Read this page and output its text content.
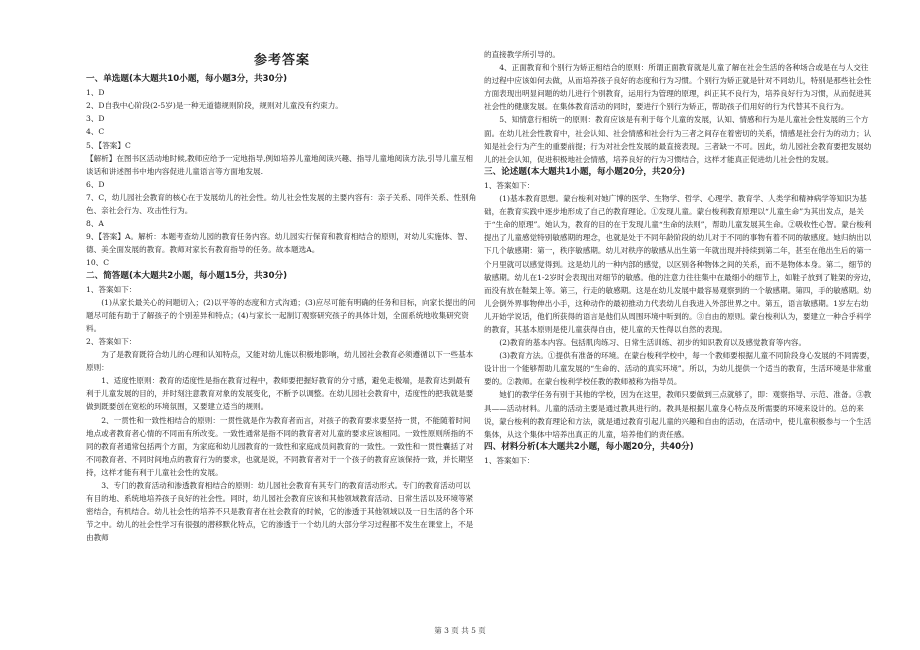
参考答案

一、单选题(本大题共10小题，每小题3分，共30分)

1、D

2、D自我中心阶段(2-5岁)是一种无道德规则阶段，规则对儿童没有约束力。

3、D

4、C

5、【答案】C

【解析】在图书区活动地时候,教师应给予一定地指导,例如培养儿童地阅读兴趣、指导儿童地阅读方法,引导儿童互相谈话和讲述图书中地内容促进儿童语言等方面地发展.

6、D

7、C，幼儿园社会教育的核心在于发展幼儿的社会性。幼儿社会性发展的主要内容有：亲子关系、同伴关系、性别角色、亲社会行为、攻击性行为。

8、A

9、【答案】A。解析：本题考查幼儿园的教育任务内容。幼儿园实行保育和教育相结合的原则，对幼儿实施体、智、德、美全面发展的教育。教师对家长有教育指导的任务。故本题选A。

10、C

二、简答题(本大题共2小题，每小题15分，共30分)

1、答案如下：

(1)从家长最关心的问题切入；(2)以平等的态度和方式沟通；(3)应尽可能有明确的任务和目标，向家长提出的问题尽可能有助于了解孩子的个别差异和特点；(4)与家长一起制订观察研究孩子的具体计划，全面系统地收集研究资料。

2、答案如下：

为了是教育既符合幼儿的心理和认知特点，又能对幼儿施以积极地影响，幼儿园社会教育必须遵循以下一些基本原则：

1、适度性原则：教育的适度性是指在教育过程中，教师要把握好教育的分寸感，避免走极端，是教育达到最有利于儿童发展的目的，并时刻注意教育对象的发展变化，不断予以调整。在幼儿园社会教育中，适度性的把我就是要做到既要创在宽松的环境氛围，又要建立适当的规则。

2、一贯性和一致性相结合的原则：一贯性就是作为教育者而言，对孩子的教育要求要坚持一贯，不能随着时间地点或者教育者心情的不同而有所改变。一致性通常是指不同的教育者对儿童的要求应该相同。一致性原则所指的不同的教育者通常包括两个方面，为家庭和幼儿园教育的一致性和家庭成员间教育的一致性。一致性和一贯性囊括了对不同教育者、不同时间地点的教育行为的要求，也就是说，不同教育者对于一个孩子的教育应该保持一致，并长期坚持，这样才能有利于儿童社会性的发展。

3、专门的教育活动和渗透教育相结合的原则：幼儿园社会教育有其专门的教育活动形式。专门的教育活动可以有目的地、系统地培养孩子良好的社会性。同时，幼儿园社会教育应该和其他领域教育活动、日常生活以及环境等紧密结合，有机结合。幼儿社会性的培养不只是教育者在社会教育的时候，它的渗透于其他领域以及一日生活的各个环节之中。幼儿的社会性学习有很强的潜移默化特点，它的渗透于一个幼儿的大部分学习过程都不发生在课堂上，不是由教师

的直接教学所引导的。

4、正面教育和个别行为矫正相结合的原则：所谓正面教育就是儿童了解在社会生活的各种场合或是在与人交往的过程中应该如何去做，从而培养孩子良好的态度和行为习惯。个别行为矫正就是针对不同幼儿，特别是那些社会性方面表现出明显问题的幼儿进行个别教育，运用行为管理的原理，纠正其不良行为，培养良好行为习惯，从而促进其社会性的健康发展。在集体教育活动的同时，要进行个别行为矫正，帮助孩子们用好的行为代替其不良行为。

5、知情意行相统一的原则：教育应该是有利于每个儿童的发展，认知、情感和行为是儿童社会性发展的三个方面。在幼儿社会性教育中，社会认知、社会情感和社会行为三者之间存在着密切的关系，情感是社会行为的动力；认知是社会行为产生的重要前提；行为对社会性发展的最直接表现。三者缺一不可。因此，幼儿园社会教育要把发展幼儿的社会认知，促进积极地社会情感，培养良好的行为习惯结合，这样才能真正促进幼儿社会性的发展。

三、论述题(本大题共1小题，每小题20分，共20分)

1、答案如下：

(1)基本教育思想。蒙台梭利对她广博的医学、生物学、哲学、心理学、教育学、人类学和精神病学等知识为基础，在教育实践中逐步地形成了自己的教育理论。①发现儿童。蒙台梭利教育原理以“儿童生命”为其出发点，是关于“生命的原理”。她认为，教育的目的在于发现儿童“生命的法则”，帮助儿童发展其生命。②吸收性心智。蒙台梭利提出了儿童感觉特别敏感期的理念，也就是处于不同年龄阶段的幼儿对于不同的事物有着不同的敏感度。她归纳出以下几个敏感期：第一，秩序敏感期。幼儿对秩序的敏感从出生第一年就出现并持续到第二年，甚至在他出生后的第一个月里就可以感觉得到。这是幼儿的一种内部的感觉，以区别各种物体之间的关系，而不是物体本身。第二，细节的敏感期。幼儿在1-2岁时会表现出对细节的敏感。他的注意力往往集中在最细小的细节上，如鞋子放到了鞋架的旁边，而没有放在鞋架上等。第三，行走的敏感期。这是在幼儿发展中最容易观察到的一个敏感期。第四，手的敏感期。幼儿会倒外界事物伸出小手，这种动作的最初推动力代表幼儿自我进入外部世界之中。第五，语言敏感期。1岁左右幼儿开始学说话，他们所获得的语言是他们从周围环境中听到的。③自由的原则。蒙台梭利认为，要建立一种合乎科学的教育，其基本原则是使儿童获得自由，使儿童的天性得以自然的表现。

(2)教育的基本内容。包括肌肉练习、日常生活训练、初步的知识教育以及感觉教育等内容。

(3)教育方法。①提供有准备的环境。在蒙台梭利学校中，每一个教师要根据儿童不同阶段身心发展的不同需要，设计出一个能够帮助儿童发展的“生命的、活动的真实环境”。所以，为幼儿提供一个适当的教育，生活环境是非常重要的。②教师。在蒙台梭利学校任教的教师被称为指导员。

她们的教学任务有别于其他的学校，因为在这里，教师只要做到三点就够了，即：观察指导、示范、准备。③教具——活动材料。儿童的活动主要是通过教具进行的。教具是根据儿童身心特点及所需要的环境来设计的。总的来说，蒙台梭利的教育理论和方法，就是通过教育引起儿童的兴趣和自由的活动，在活动中，使儿童积极参与一个生活集体，从这个集体中培养出真正的儿童，培养他们的责任感。

四、材料分析(本大题共2小题，每小题20分，共40分)

1、答案如下：

第 3 页 共 5 页
